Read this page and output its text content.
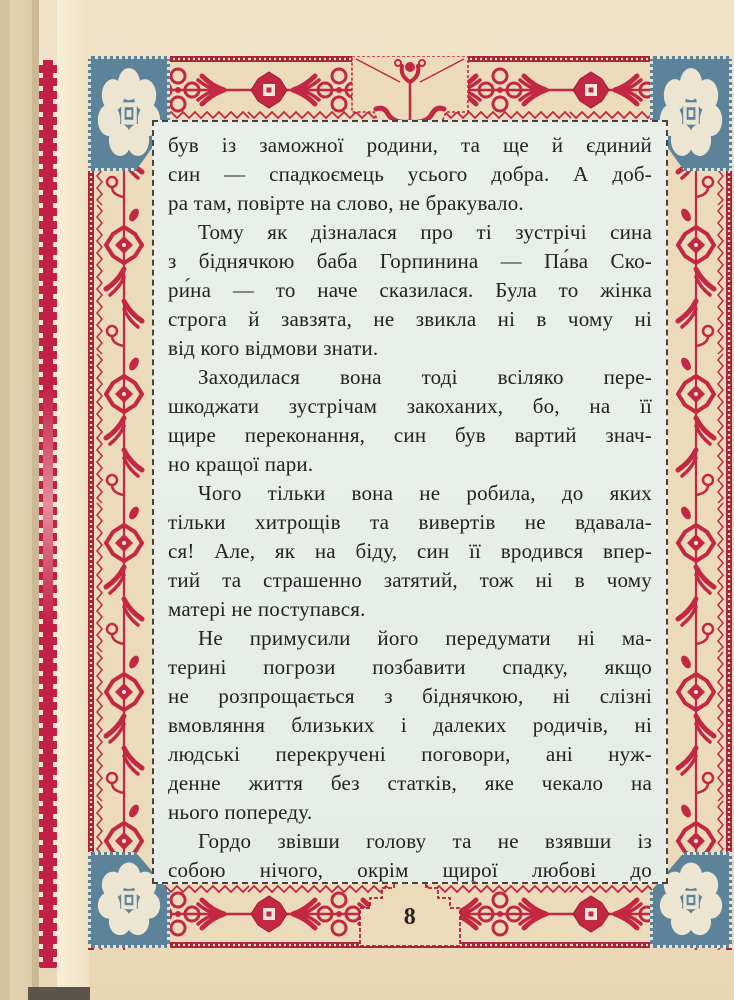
8
був із заможної родини, та ще й єдиний
син — спадкоємець усього добра. А доб-
ра там, повірте на слово, не бракувало.
Тому як дізналася про ті зустрічі сина
з біднячкою баба Горпинина — Па́ва Ско-
ри́на — то наче сказилася. Була то жінка
строга й завзята, не звикла ні в чому ні
від кого відмови знати.
Заходилася вона тоді всіляко пере-
шкоджати зустрічам закоханих, бо, на її
щире переконання, син був вартий знач-
но кращої пари.
Чого тільки вона не робила, до яких
тільки хитрощів та вивертів не вдавала-
ся! Але, як на біду, син її вродився впер-
тий та страшенно затятий, тож ні в чому
матері не поступався.
Не примусили його передумати ні ма-
терині погрози позбавити спадку, якщо
не розпрощається з біднячкою, ні слізні
вмовляння близьких і далеких родичів, ні
людські перекручені поговори, ані нуж-
денне життя без статків, яке чекало на
нього попереду.
Гордо звівши голову та не взявши із
собою нічого, окрім щирої любові до
